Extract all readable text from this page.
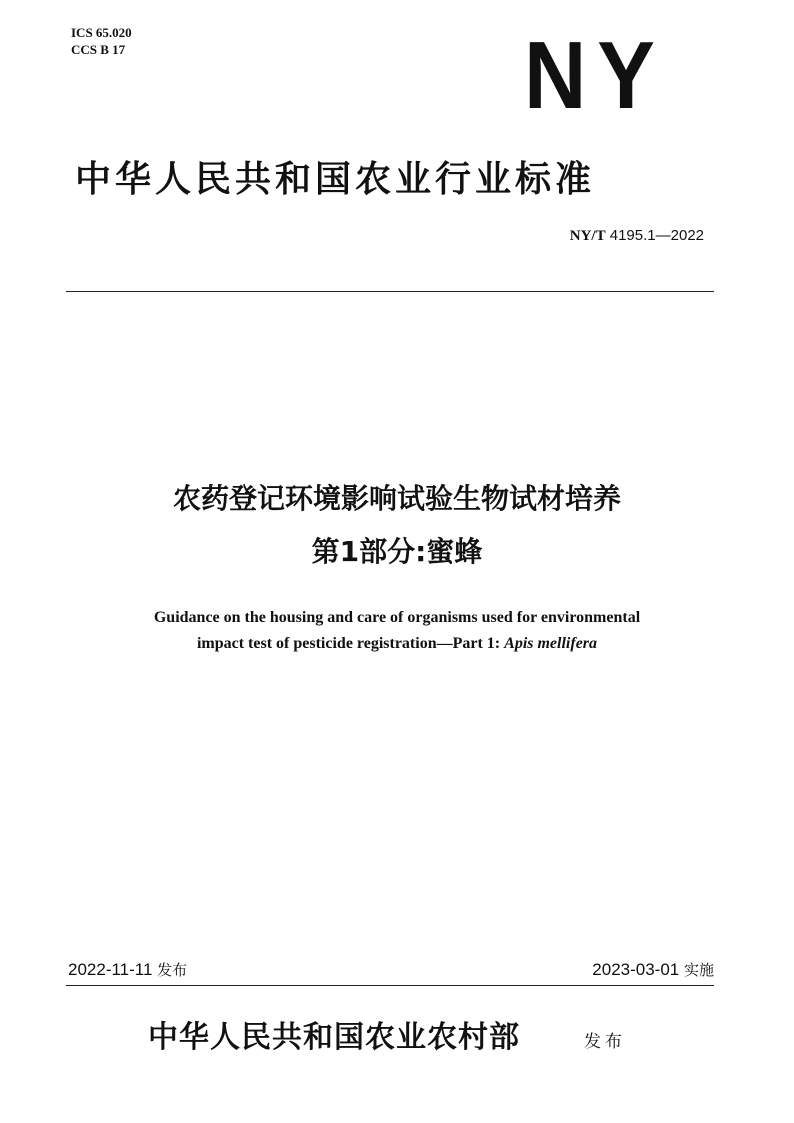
ICS 65.020
CCS B 17	NY
中华人民共和国农业行业标准
NY/T 4195.1—2022
农药登记环境影响试验生物试材培养
第1部分:蜜蜂
Guidance on the housing and care of organisms used for environmental
impact test of pesticide registration—Part 1: Apis mellifera
2022-11-11 发布	2023-03-01 实施
中华人民共和国农业农村部	发布
